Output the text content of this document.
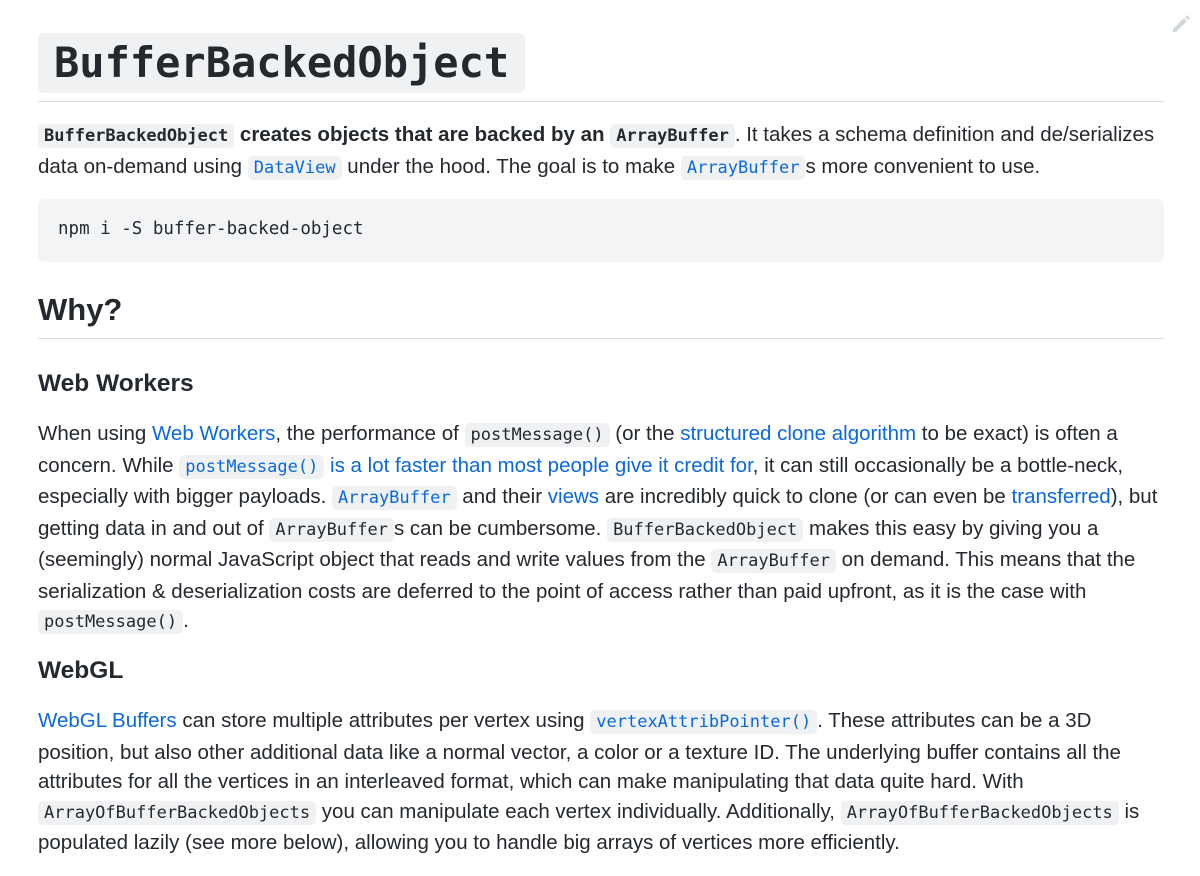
BufferBackedObject

BufferBackedObject creates objects that are backed by an ArrayBuffer . It takes a schema definition and de/serializes data on-demand using DataView under the hood. The goal is to make ArrayBuffer s more convenient to use.

npm i -S buffer-backed-object
Why?
Web Workers

When using Web Workers, the performance of postMessage() (or the structured clone algorithm to be exact) is often a concern. While postMessage() is a lot faster than most people give it credit for, it can still occasionally be a bottle-neck, especially with bigger payloads. ArrayBuffer and their views are incredibly quick to clone (or can even be transferred), but getting data in and out of ArrayBuffer s can be cumbersome. BufferBackedObject makes this easy by giving you a (seemingly) normal JavaScript object that reads and write values from the ArrayBuffer on demand. This means that the serialization & deserialization costs are deferred to the point of access rather than paid upfront, as it is the case with postMessage() .

WebGL

WebGL Buffers can store multiple attributes per vertex using vertexAttribPointer() . These attributes can be a 3D position, but also other additional data like a normal vector, a color or a texture ID. The underlying buffer contains all the attributes for all the vertices in an interleaved format, which can make manipulating that data quite hard. With ArrayOfBufferBackedObjects you can manipulate each vertex individually. Additionally, ArrayOfBufferBackedObjects is populated lazily (see more below), allowing you to handle big arrays of vertices more efficiently.
